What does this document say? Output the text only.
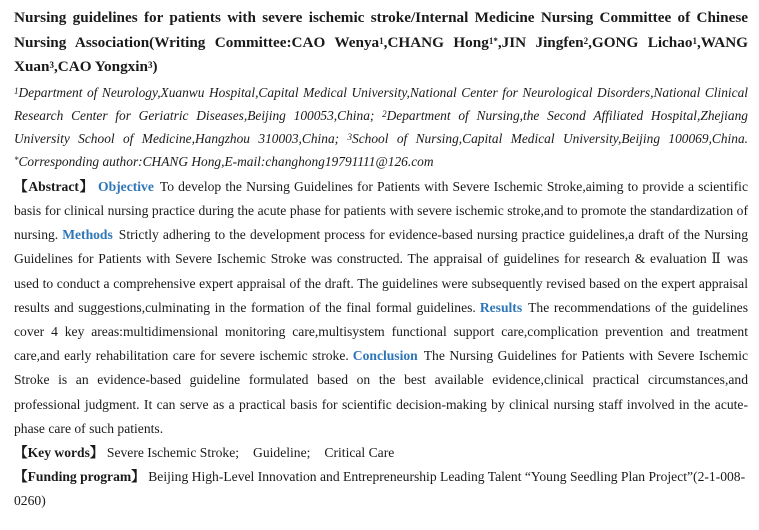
Nursing guidelines for patients with severe ischemic stroke/Internal Medicine Nursing Committee of Chinese Nursing Association(Writing Committee:CAO Wenya$^1$,CHANG Hong$^{1*}$,JIN Jingfen$^2$,GONG Lichao$^1$,WANG Xuan$^3$,CAO Yongxin$^3$)

$^1$Department of Neurology,Xuanwu Hospital,Capital Medical University,National Center for Neurological Disorders,National Clinical Research Center for Geriatric Diseases,Beijing 100053,China; $^2$Department of Nursing,the Second Affiliated Hospital,Zhejiang University School of Medicine,Hangzhou 310003,China; $^3$School of Nursing,Capital Medical University,Beijing 100069,China. *Corresponding author:CHANG Hong,E-mail:changhong19791111@126.com

【Abstract】 Objective To develop the Nursing Guidelines for Patients with Severe Ischemic Stroke,aiming to provide a scientific basis for clinical nursing practice during the acute phase for patients with severe ischemic stroke,and to promote the standardization of nursing. Methods Strictly adhering to the development process for evidence-based nursing practice guidelines,a draft of the Nursing Guidelines for Patients with Severe Ischemic Stroke was constructed. The appraisal of guidelines for research & evaluation Ⅱ was used to conduct a comprehensive expert appraisal of the draft. The guidelines were subsequently revised based on the expert appraisal results and suggestions,culminating in the formation of the final formal guidelines. Results The recommendations of the guidelines cover 4 key areas:multidimensional monitoring care,multisystem functional support care,complication prevention and treatment care,and early rehabilitation care for severe ischemic stroke. Conclusion The Nursing Guidelines for Patients with Severe Ischemic Stroke is an evidence-based guideline formulated based on the best available evidence,clinical practical circumstances,and professional judgment. It can serve as a practical basis for scientific decision-making by clinical nursing staff involved in the acute-phase care of such patients.

【Key words】 Severe Ischemic Stroke; Guideline; Critical Care

【Funding program】 Beijing High-Level Innovation and Entrepreneurship Leading Talent “Young Seedling Plan Project”(2-1-008-0260)
